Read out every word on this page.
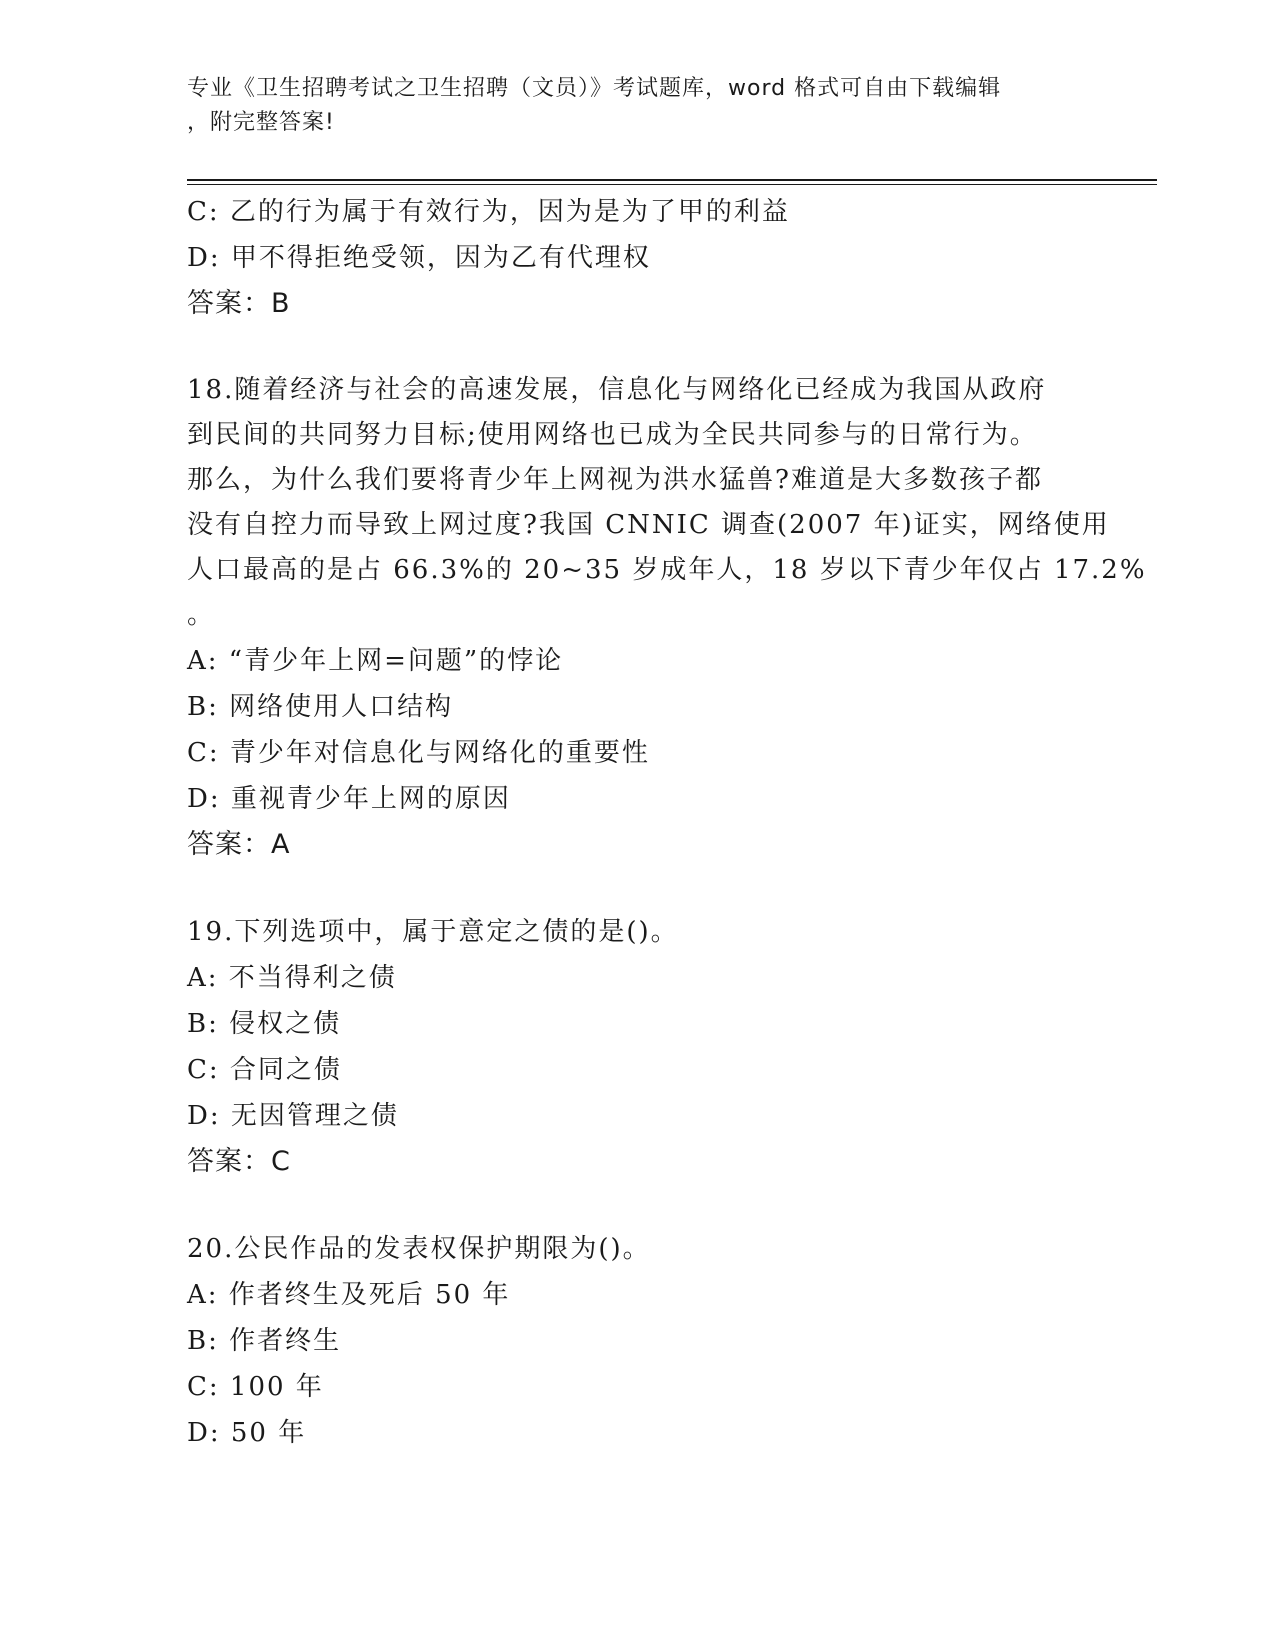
专业《卫生招聘考试之卫生招聘（文员）》考试题库，word 格式可自由下载编辑
，附完整答案!
C: 乙的行为属于有效行为，因为是为了甲的利益
D: 甲不得拒绝受领，因为乙有代理权
答案：B
18.随着经济与社会的高速发展，信息化与网络化已经成为我国从政府
到民间的共同努力目标;使用网络也已成为全民共同参与的日常行为。
那么，为什么我们要将青少年上网视为洪水猛兽?难道是大多数孩子都
没有自控力而导致上网过度?我国 CNNIC 调查(2007 年)证实，网络使用
人口最高的是占 66.3%的 20~35 岁成年人，18 岁以下青少年仅占 17.2%
。
A: “青少年上网=问题”的悖论
B: 网络使用人口结构
C: 青少年对信息化与网络化的重要性
D: 重视青少年上网的原因
答案：A
19.下列选项中，属于意定之债的是()。
A: 不当得利之债
B: 侵权之债
C: 合同之债
D: 无因管理之债
答案：C
20.公民作品的发表权保护期限为()。
A: 作者终生及死后 50 年
B: 作者终生
C: 100 年
D: 50 年
